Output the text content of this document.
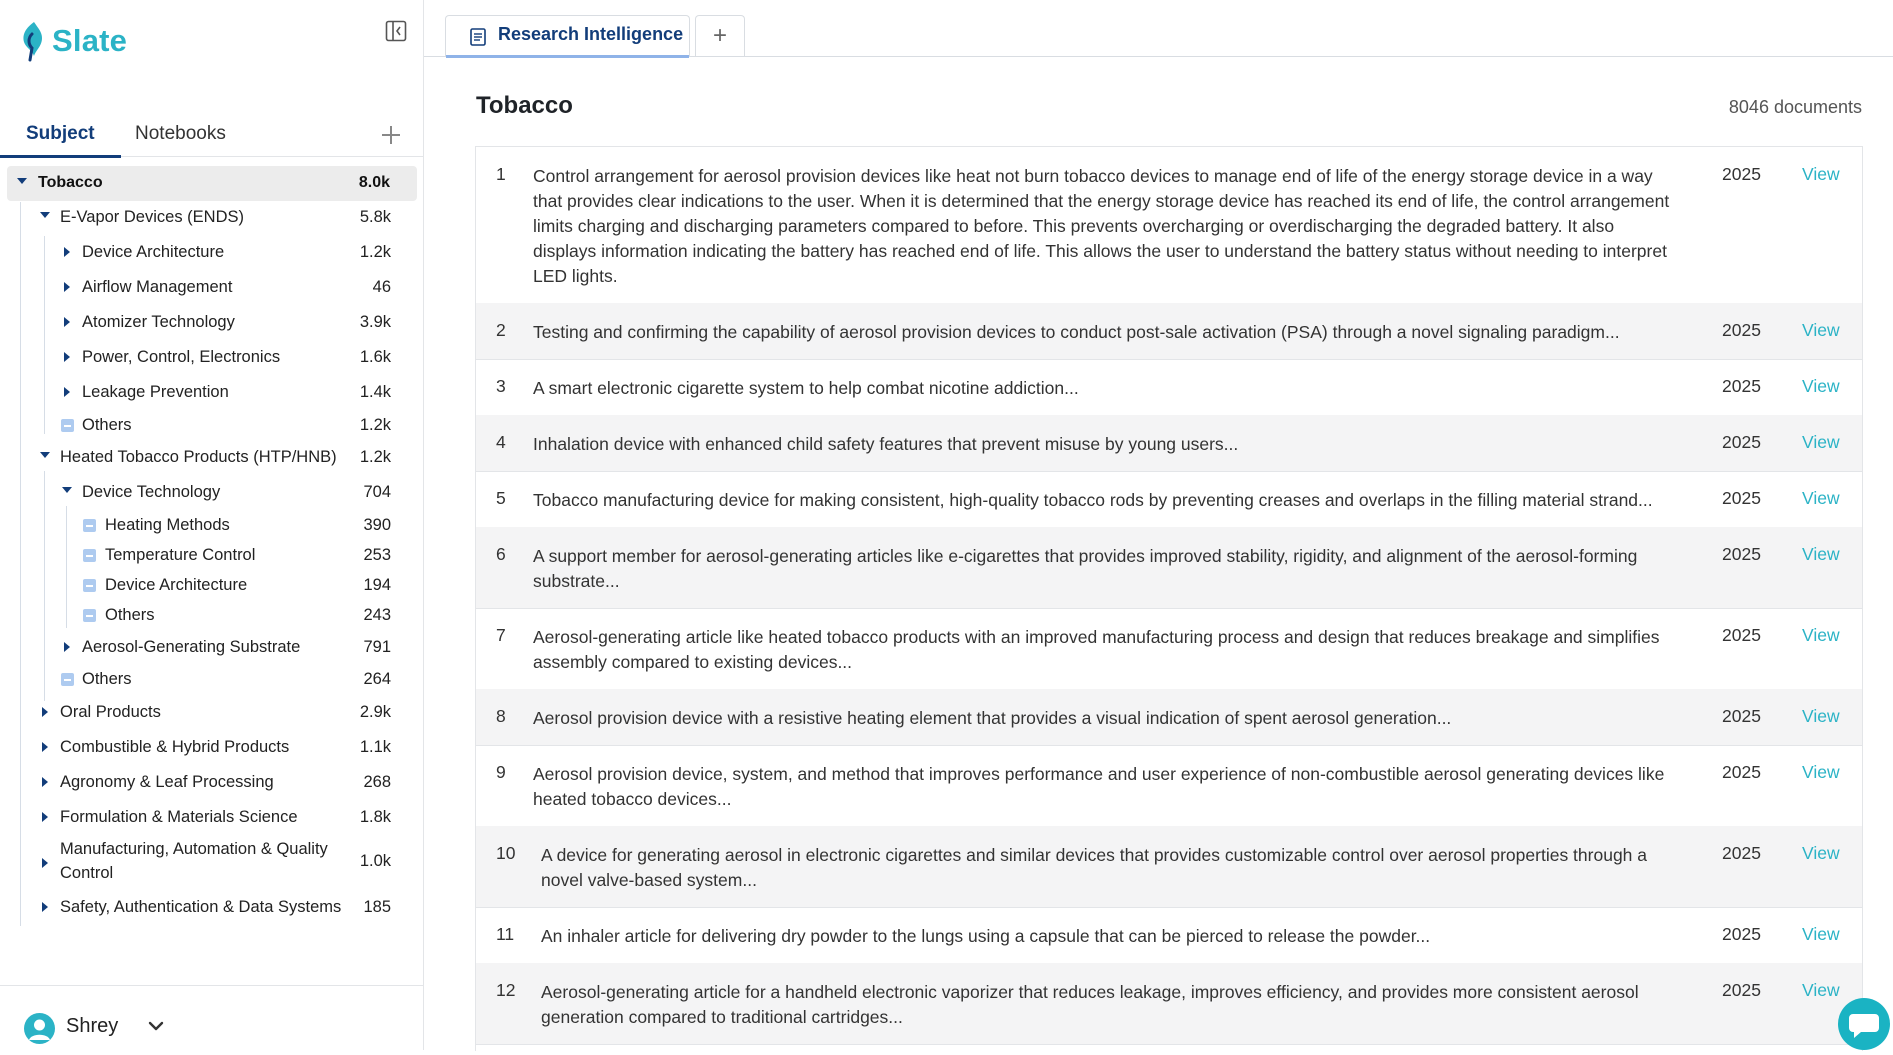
Slate
Subject Notebooks
Tobacco	8.0k
E-Vapor Devices (ENDS)	5.8k
Device Architecture	1.2k
Airflow Management	46
Atomizer Technology	3.9k
Power, Control, Electronics	1.6k
Leakage Prevention	1.4k
Others	1.2k
Heated Tobacco Products (HTP/HNB) 1.2k
Device Technology	704
Heating Methods	390
Temperature Control	253
Device Architecture	194
Others	243
Aerosol-Generating Substrate	791
Others	264
Oral Products	2.9k
Combustible & Hybrid Products	1.1k
Agronomy & Leaf Processing	268
Formulation & Materials Science	1.8k
Manufacturing, Automation & Quality
Control
1.0k
Safety, Authentication & Data Systems 185
Shrey
Research Intelligence	+
Tobacco	8046 documents
1 Control arrangement for aerosol provision devices like heat not burn tobacco devices to manage end of life of the energy storage device in a way
that provides clear indications to the user. When it is determined that the energy storage device has reached its end of life, the control arrangement
limits charging and discharging parameters compared to before. This prevents overcharging or overdischarging the degraded battery. It also
displays information indicating the battery has reached end of life. This allows the user to understand the battery status without needing to interpret
LED lights.
2025 View
2 Testing and confirming the capability of aerosol provision devices to conduct post-sale activation (PSA) through a novel signaling paradigm...	2025 View
3 A smart electronic cigarette system to help combat nicotine addiction...	2025 View
4 Inhalation device with enhanced child safety features that prevent misuse by young users...	2025 View
5 Tobacco manufacturing device for making consistent, high-quality tobacco rods by preventing creases and overlaps in the filling material strand...	2025 View
6 A support member for aerosol-generating articles like e-cigarettes that provides improved stability, rigidity, and alignment of the aerosol-forming
substrate...
2025 View
7 Aerosol-generating article like heated tobacco products with an improved manufacturing process and design that reduces breakage and simplifies
assembly compared to existing devices...
2025 View
8 Aerosol provision device with a resistive heating element that provides a visual indication of spent aerosol generation...	2025 View
9 Aerosol provision device, system, and method that improves performance and user experience of non-combustible aerosol generating devices like
heated tobacco devices...
2025 View
10 A device for generating aerosol in electronic cigarettes and similar devices that provides customizable control over aerosol properties through a
novel valve-based system...
2025 View
11 An inhaler article for delivering dry powder to the lungs using a capsule that can be pierced to release the powder...	2025 View
12 Aerosol-generating article for a handheld electronic vaporizer that reduces leakage, improves efficiency, and provides more consistent aerosol
generation compared to traditional cartridges...
2025 View
